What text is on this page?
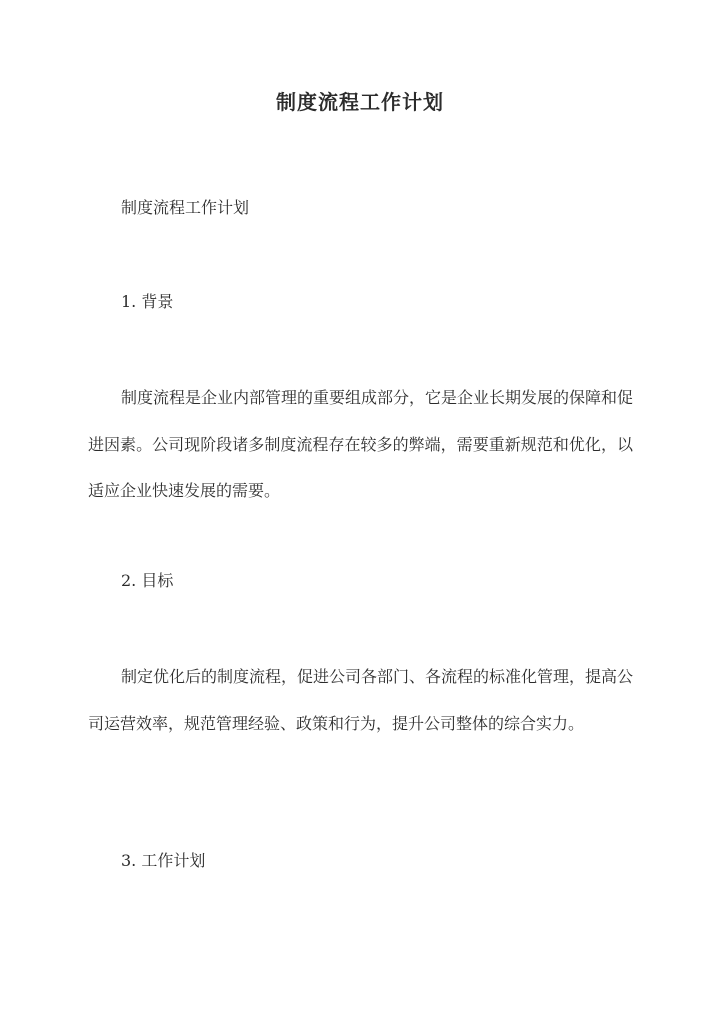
制度流程工作计划
制度流程工作计划
1. 背景
制度流程是企业内部管理的重要组成部分，它是企业长期发展的保障和促进因素。公司现阶段诸多制度流程存在较多的弊端，需要重新规范和优化，以适应企业快速发展的需要。
2. 目标
制定优化后的制度流程，促进公司各部门、各流程的标准化管理，提高公司运营效率，规范管理经验、政策和行为，提升公司整体的综合实力。
3. 工作计划
